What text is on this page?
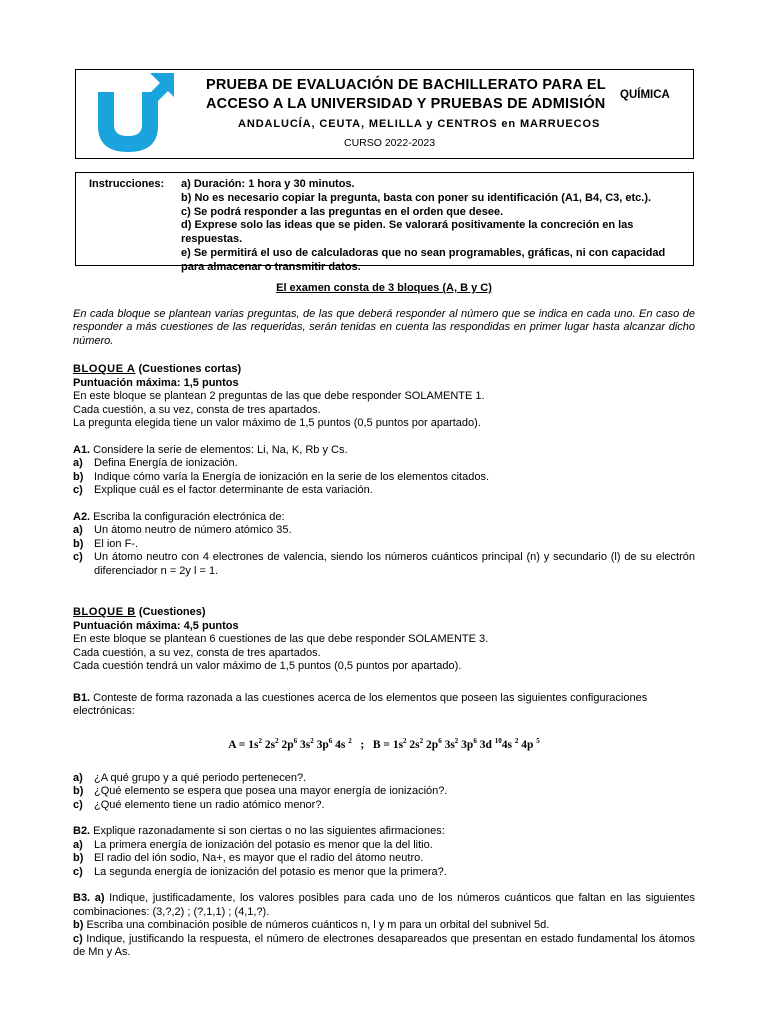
PRUEBA DE EVALUACIÓN DE BACHILLERATO PARA EL
ACCESO A LA UNIVERSIDAD Y PRUEBAS DE ADMISIÓN
QUÍMICA
ANDALUCÍA, CEUTA, MELILLA y CENTROS en MARRUECOS
CURSO 2022-2023
Instrucciones: a) Duración: 1 hora y 30 minutos.
b) No es necesario copiar la pregunta, basta con poner su identificación (A1, B4, C3, etc.).
c) Se podrá responder a las preguntas en el orden que desee.
d) Exprese solo las ideas que se piden. Se valorará positivamente la concreción en las respuestas.
e) Se permitirá el uso de calculadoras que no sean programables, gráficas, ni con capacidad para almacenar o transmitir datos.
El examen consta de 3 bloques (A, B y C)
En cada bloque se plantean varias preguntas, de las que deberá responder al número que se indica en cada uno. En caso de responder a más cuestiones de las requeridas, serán tenidas en cuenta las respondidas en primer lugar hasta alcanzar dicho número.
BLOQUE A (Cuestiones cortas)
Puntuación máxima: 1,5 puntos
En este bloque se plantean 2 preguntas de las que debe responder SOLAMENTE 1.
Cada cuestión, a su vez, consta de tres apartados.
La pregunta elegida tiene un valor máximo de 1,5 puntos (0,5 puntos por apartado).
A1. Considere la serie de elementos: Li, Na, K, Rb y Cs.
a)	Defina Energía de ionización.
b) Indique cómo varía la Energía de ionización en la serie de los elementos citados.
c)	Explique cuál es el factor determinante de esta variación.
A2. Escriba la configuración electrónica de:
a)	Un átomo neutro de número atómico 35.
b) El ion F-.
c)	Un átomo neutro con 4 electrones de valencia, siendo los números cuánticos principal (n) y secundario (l) de su electrón diferenciador n = 2y l = 1.
BLOQUE B (Cuestiones)
Puntuación máxima: 4,5 puntos
En este bloque se plantean 6 cuestiones de las que debe responder SOLAMENTE 3.
Cada cuestión, a su vez, consta de tres apartados.
Cada cuestión tendrá un valor máximo de 1,5 puntos (0,5 puntos por apartado).
B1. Conteste de forma razonada a las cuestiones acerca de los elementos que poseen las siguientes configuraciones electrónicas:
$A = 1s^2$ $2s^2$ $2p^6$ $3s^2$ $3p^6$ 4s $^2$   ;   $B = 1s^2$ $2s^2$ $2p^6$ $3s^2$ $3p^6$ 3d $^{10}$4s $^2$ 4p $^5$
a)	¿A qué grupo y a qué periodo pertenecen?.
b) ¿Qué elemento se espera que posea una mayor energía de ionización?.
c)	¿Qué elemento tiene un radio atómico menor?.
B2. Explique razonadamente si son ciertas o no las siguientes afirmaciones:
a)	La primera energía de ionización del potasio es menor que la del litio.
b) El radio del ión sodio, Na+, es mayor que el radio del átomo neutro.
c)	La segunda energía de ionización del potasio es menor que la primera?.
B3. a) Indique, justificadamente, los valores posibles para cada uno de los números cuánticos que faltan en las siguientes combinaciones: (3,?,2) ; (?,1,1) ; (4,1,?).
b) Escriba una combinación posible de números cuánticos n, l y m para un orbital del subnivel 5d.
c) Indique, justificando la respuesta, el número de electrones desapareados que presentan en estado fundamental los átomos de Mn y As.
